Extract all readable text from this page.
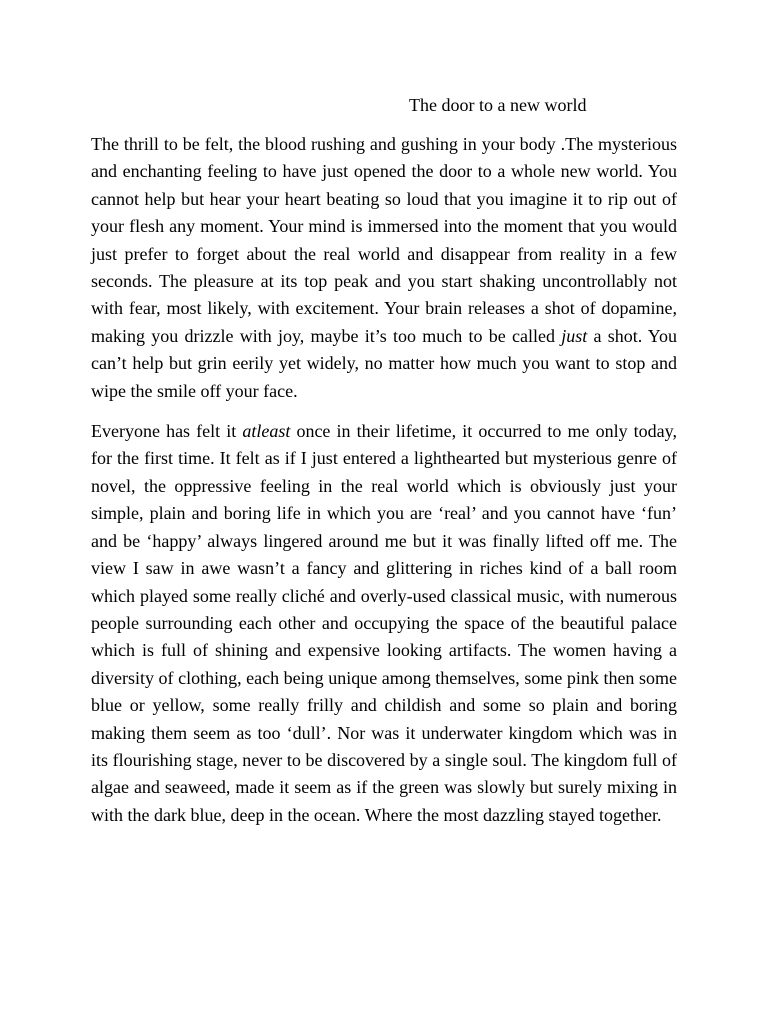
The door to a new world

The thrill to be felt, the blood rushing and gushing in your body .The mysterious and enchanting feeling to have just opened the door to a whole new world. You cannot help but hear your heart beating so loud that you imagine it to rip out of your flesh any moment. Your mind is immersed into the moment that you would just prefer to forget about the real world and disappear from reality in a few seconds. The pleasure at its top peak and you start shaking uncontrollably not with fear, most likely, with excitement. Your brain releases a shot of dopamine, making you drizzle with joy, maybe it’s too much to be called just a shot. You can’t help but grin eerily yet widely, no matter how much you want to stop and wipe the smile off your face.

Everyone has felt it atleast once in their lifetime, it occurred to me only today, for the first time. It felt as if I just entered a lighthearted but mysterious genre of novel, the oppressive feeling in the real world which is obviously just your simple, plain and boring life in which you are ‘real’ and you cannot have ‘fun’ and be ‘happy’ always lingered around me but it was finally lifted off me. The view I saw in awe wasn’t a fancy and glittering in riches kind of a ball room which played some really cliché and overly-used classical music, with numerous people surrounding each other and occupying the space of the beautiful palace which is full of shining and expensive looking artifacts. The women having a diversity of clothing, each being unique among themselves, some pink then some blue or yellow, some really frilly and childish and some so plain and boring making them seem as too ‘dull’. Nor was it underwater kingdom which was in its flourishing stage, never to be discovered by a single soul. The kingdom full of algae and seaweed, made it seem as if the green was slowly but surely mixing in with the dark blue, deep in the ocean. Where the most dazzling stayed together.
